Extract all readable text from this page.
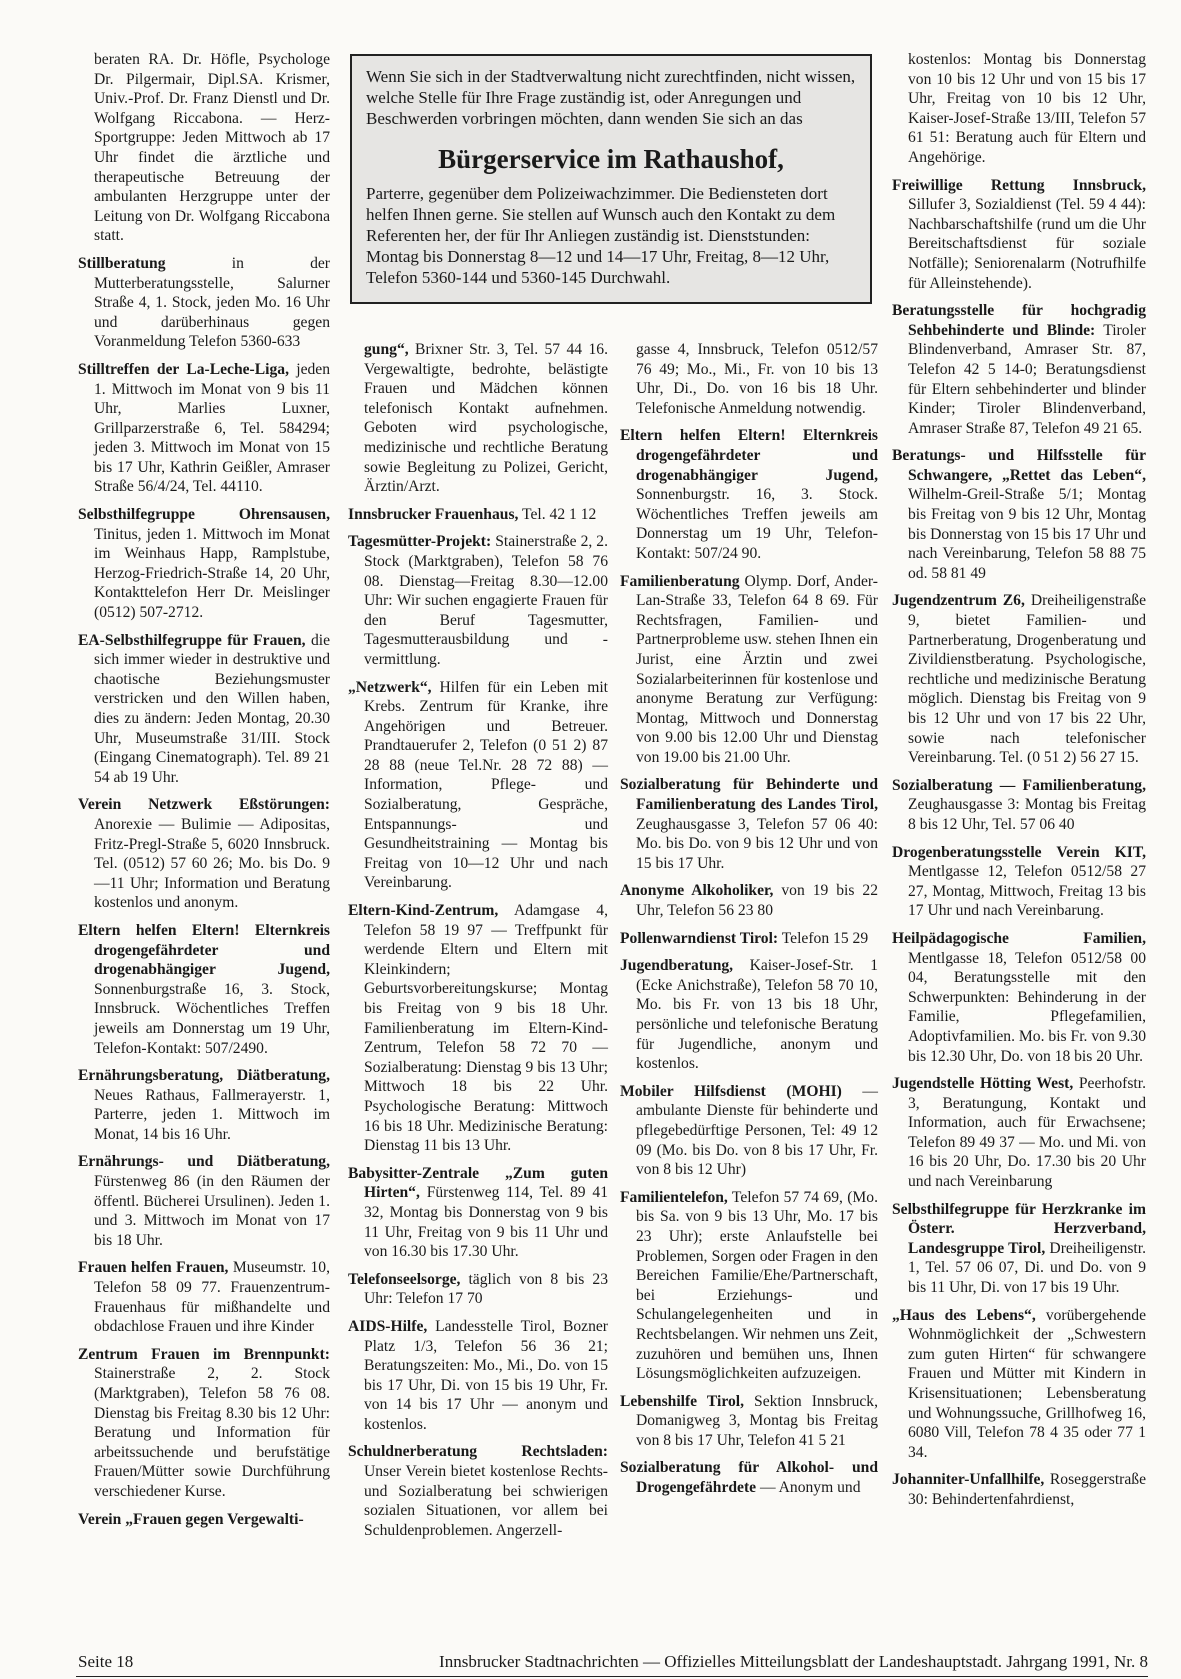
Wenn Sie sich in der Stadtverwaltung nicht zurechtfinden, nicht wissen, welche Stelle für Ihre Frage zuständig ist, oder Anregungen und Beschwerden vorbringen möchten, dann wenden Sie sich an das

Bürgerservice im Rathaushof,

Parterre, gegenüber dem Polizeiwachzimmer. Die Bediensteten dort helfen Ihnen gerne. Sie stellen auf Wunsch auch den Kontakt zu dem Referenten her, der für Ihr Anliegen zuständig ist. Dienststunden: Montag bis Donnerstag 8—12 und 14—17 Uhr, Freitag, 8—12 Uhr, Telefon 5360-144 und 5360-145 Durchwahl.

beraten RA. Dr. Höfle, Psychologe Dr. Pilgermair, Dipl.SA. Krismer, Univ.-Prof. Dr. Franz Dienstl und Dr. Wolfgang Riccabona. — Herz-Sportgruppe: Jeden Mittwoch ab 17 Uhr findet die ärztliche und therapeutische Betreuung der ambulanten Herzgruppe unter der Leitung von Dr. Wolfgang Riccabona statt.

Stillberatung in der Mutterberatungsstelle, Salurner Straße 4, 1. Stock, jeden Mo. 16 Uhr und darüberhinaus gegen Voranmeldung Telefon 5360-633

Stilltreffen der La-Leche-Liga, jeden 1. Mittwoch im Monat von 9 bis 11 Uhr, Marlies Luxner, Grillparzerstraße 6, Tel. 584294; jeden 3. Mittwoch im Monat von 15 bis 17 Uhr, Kathrin Geißler, Amraser Straße 56/4/24, Tel. 44110.

Selbsthilfegruppe Ohrensausen, Tinitus, jeden 1. Mittwoch im Monat im Weinhaus Happ, Ramplstube, Herzog-Friedrich-Straße 14, 20 Uhr, Kontakttelefon Herr Dr. Meislinger (0512) 507-2712.

EA-Selbsthilfegruppe für Frauen, die sich immer wieder in destruktive und chaotische Beziehungsmuster verstricken und den Willen haben, dies zu ändern: Jeden Montag, 20.30 Uhr, Museumstraße 31/III. Stock (Eingang Cinematograph). Tel. 89 21 54 ab 19 Uhr.

Verein Netzwerk Eßstörungen: Anorexie — Bulimie — Adipositas, Fritz-Pregl-Straße 5, 6020 Innsbruck. Tel. (0512) 57 60 26; Mo. bis Do. 9—11 Uhr; Information und Beratung kostenlos und anonym.

Eltern helfen Eltern! Elternkreis drogengefährdeter und drogenabhängiger Jugend, Sonnenburgstraße 16, 3. Stock, Innsbruck. Wöchentliches Treffen jeweils am Donnerstag um 19 Uhr, Telefon-Kontakt: 507/2490.

Ernährungsberatung, Diätberatung, Neues Rathaus, Fallmerayerstr. 1, Parterre, jeden 1. Mittwoch im Monat, 14 bis 16 Uhr.

Ernährungs- und Diätberatung, Fürstenweg 86 (in den Räumen der öffentl. Bücherei Ursulinen). Jeden 1. und 3. Mittwoch im Monat von 17 bis 18 Uhr.

Frauen helfen Frauen, Museumstr. 10, Telefon 58 09 77. Frauenzentrum-Frauenhaus für mißhandelte und obdachlose Frauen und ihre Kinder

Zentrum Frauen im Brennpunkt: Stainerstraße 2, 2. Stock (Marktgraben), Telefon 58 76 08. Dienstag bis Freitag 8.30 bis 12 Uhr: Beratung und Information für arbeitssuchende und berufstätige Frauen/Mütter sowie Durchführung verschiedener Kurse.

Verein „Frauen gegen Vergewalti-

gung“, Brixner Str. 3, Tel. 57 44 16. Vergewaltigte, bedrohte, belästigte Frauen und Mädchen können telefonisch Kontakt aufnehmen. Geboten wird psychologische, medizinische und rechtliche Beratung sowie Begleitung zu Polizei, Gericht, Ärztin/Arzt.

Innsbrucker Frauenhaus, Tel. 42 1 12

Tagesmütter-Projekt: Stainerstraße 2, 2. Stock (Marktgraben), Telefon 58 76 08. Dienstag—Freitag 8.30—12.00 Uhr: Wir suchen engagierte Frauen für den Beruf Tagesmutter, Tagesmutterausbildung und -vermittlung.

„Netzwerk“, Hilfen für ein Leben mit Krebs. Zentrum für Kranke, ihre Angehörigen und Betreuer. Prandtauerufer 2, Telefon (0 51 2) 87 28 88 (neue Tel.Nr. 28 72 88) — Information, Pflege- und Sozialberatung, Gespräche, Entspannungs- und Gesundheitstraining — Montag bis Freitag von 10—12 Uhr und nach Vereinbarung.

Eltern-Kind-Zentrum, Adamgase 4, Telefon 58 19 97 — Treffpunkt für werdende Eltern und Eltern mit Kleinkindern; Geburtsvorbereitungskurse; Montag bis Freitag von 9 bis 18 Uhr. Familienberatung im Eltern-Kind-Zentrum, Telefon 58 72 70 — Sozialberatung: Dienstag 9 bis 13 Uhr; Mittwoch 18 bis 22 Uhr. Psychologische Beratung: Mittwoch 16 bis 18 Uhr. Medizinische Beratung: Dienstag 11 bis 13 Uhr.

Babysitter-Zentrale „Zum guten Hirten“, Fürstenweg 114, Tel. 89 41 32, Montag bis Donnerstag von 9 bis 11 Uhr, Freitag von 9 bis 11 Uhr und von 16.30 bis 17.30 Uhr.

Telefonseelsorge, täglich von 8 bis 23 Uhr: Telefon 17 70

AIDS-Hilfe, Landesstelle Tirol, Bozner Platz 1/3, Telefon 56 36 21; Beratungszeiten: Mo., Mi., Do. von 15 bis 17 Uhr, Di. von 15 bis 19 Uhr, Fr. von 14 bis 17 Uhr — anonym und kostenlos.

Schuldnerberatung Rechtsladen: Unser Verein bietet kostenlose Rechts- und Sozialberatung bei schwierigen sozialen Situationen, vor allem bei Schuldenproblemen. Angerzell-

gasse 4, Innsbruck, Telefon 0512/57 76 49; Mo., Mi., Fr. von 10 bis 13 Uhr, Di., Do. von 16 bis 18 Uhr. Telefonische Anmeldung notwendig.

Eltern helfen Eltern! Elternkreis drogengefährdeter und drogenabhängiger Jugend, Sonnenburgstr. 16, 3. Stock. Wöchentliches Treffen jeweils am Donnerstag um 19 Uhr, Telefon-Kontakt: 507/24 90.

Familienberatung Olymp. Dorf, Ander-Lan-Straße 33, Telefon 64 8 69. Für Rechtsfragen, Familien- und Partnerprobleme usw. stehen Ihnen ein Jurist, eine Ärztin und zwei Sozialarbeiterinnen für kostenlose und anonyme Beratung zur Verfügung: Montag, Mittwoch und Donnerstag von 9.00 bis 12.00 Uhr und Dienstag von 19.00 bis 21.00 Uhr.

Sozialberatung für Behinderte und Familienberatung des Landes Tirol, Zeughausgasse 3, Telefon 57 06 40: Mo. bis Do. von 9 bis 12 Uhr und von 15 bis 17 Uhr.

Anonyme Alkoholiker, von 19 bis 22 Uhr, Telefon 56 23 80

Pollenwarndienst Tirol: Telefon 15 29

Jugendberatung, Kaiser-Josef-Str. 1 (Ecke Anichstraße), Telefon 58 70 10, Mo. bis Fr. von 13 bis 18 Uhr, persönliche und telefonische Beratung für Jugendliche, anonym und kostenlos.

Mobiler Hilfsdienst (MOHI) — ambulante Dienste für behinderte und pflegebedürftige Personen, Tel: 49 12 09 (Mo. bis Do. von 8 bis 17 Uhr, Fr. von 8 bis 12 Uhr)

Familientelefon, Telefon 57 74 69, (Mo. bis Sa. von 9 bis 13 Uhr, Mo. 17 bis 23 Uhr); erste Anlaufstelle bei Problemen, Sorgen oder Fragen in den Bereichen Familie/Ehe/Partnerschaft, bei Erziehungs- und Schulangelegenheiten und in Rechtsbelangen. Wir nehmen uns Zeit, zuzuhören und bemühen uns, Ihnen Lösungsmöglichkeiten aufzuzeigen.

Lebenshilfe Tirol, Sektion Innsbruck, Domanigweg 3, Montag bis Freitag von 8 bis 17 Uhr, Telefon 41 5 21

Sozialberatung für Alkohol- und Drogengefährdete — Anonym und

kostenlos: Montag bis Donnerstag von 10 bis 12 Uhr und von 15 bis 17 Uhr, Freitag von 10 bis 12 Uhr, Kaiser-Josef-Straße 13/III, Telefon 57 61 51: Beratung auch für Eltern und Angehörige.

Freiwillige Rettung Innsbruck, Sillufer 3, Sozialdienst (Tel. 59 4 44): Nachbarschaftshilfe (rund um die Uhr Bereitschaftsdienst für soziale Notfälle); Seniorenalarm (Notrufhilfe für Alleinstehende).

Beratungsstelle für hochgradig Sehbehinderte und Blinde: Tiroler Blindenverband, Amraser Str. 87, Telefon 42 5 14-0; Beratungsdienst für Eltern sehbehinderter und blinder Kinder; Tiroler Blindenverband, Amraser Straße 87, Telefon 49 21 65.

Beratungs- und Hilfsstelle für Schwangere, „Rettet das Leben“, Wilhelm-Greil-Straße 5/1; Montag bis Freitag von 9 bis 12 Uhr, Montag bis Donnerstag von 15 bis 17 Uhr und nach Vereinbarung, Telefon 58 88 75 od. 58 81 49

Jugendzentrum Z6, Dreiheiligenstraße 9, bietet Familien- und Partnerberatung, Drogenberatung und Zivildienstberatung. Psychologische, rechtliche und medizinische Beratung möglich. Dienstag bis Freitag von 9 bis 12 Uhr und von 17 bis 22 Uhr, sowie nach telefonischer Vereinbarung. Tel. (0 51 2) 56 27 15.

Sozialberatung — Familienberatung, Zeughausgasse 3: Montag bis Freitag 8 bis 12 Uhr, Tel. 57 06 40

Drogenberatungsstelle Verein KIT, Mentlgasse 12, Telefon 0512/58 27 27, Montag, Mittwoch, Freitag 13 bis 17 Uhr und nach Vereinbarung.

Heilpädagogische Familien, Mentlgasse 18, Telefon 0512/58 00 04, Beratungsstelle mit den Schwerpunkten: Behinderung in der Familie, Pflegefamilien, Adoptivfamilien. Mo. bis Fr. von 9.30 bis 12.30 Uhr, Do. von 18 bis 20 Uhr.

Jugendstelle Hötting West, Peerhofstr. 3, Beratungung, Kontakt und Information, auch für Erwachsene; Telefon 89 49 37 — Mo. und Mi. von 16 bis 20 Uhr, Do. 17.30 bis 20 Uhr und nach Vereinbarung

Selbsthilfegruppe für Herzkranke im Österr. Herzverband, Landesgruppe Tirol, Dreiheiligenstr. 1, Tel. 57 06 07, Di. und Do. von 9 bis 11 Uhr, Di. von 17 bis 19 Uhr.

„Haus des Lebens“, vorübergehende Wohnmöglichkeit der „Schwestern zum guten Hirten“ für schwangere Frauen und Mütter mit Kindern in Krisensituationen; Lebensberatung und Wohnungssuche, Grillhofweg 16, 6080 Vill, Telefon 78 4 35 oder 77 1 34.

Johanniter-Unfallhilfe, Roseggerstraße 30: Behindertenfahrdienst,

Seite 18	Innsbrucker Stadtnachrichten — Offizielles Mitteilungsblatt der Landeshauptstadt. Jahrgang 1991, Nr. 8
